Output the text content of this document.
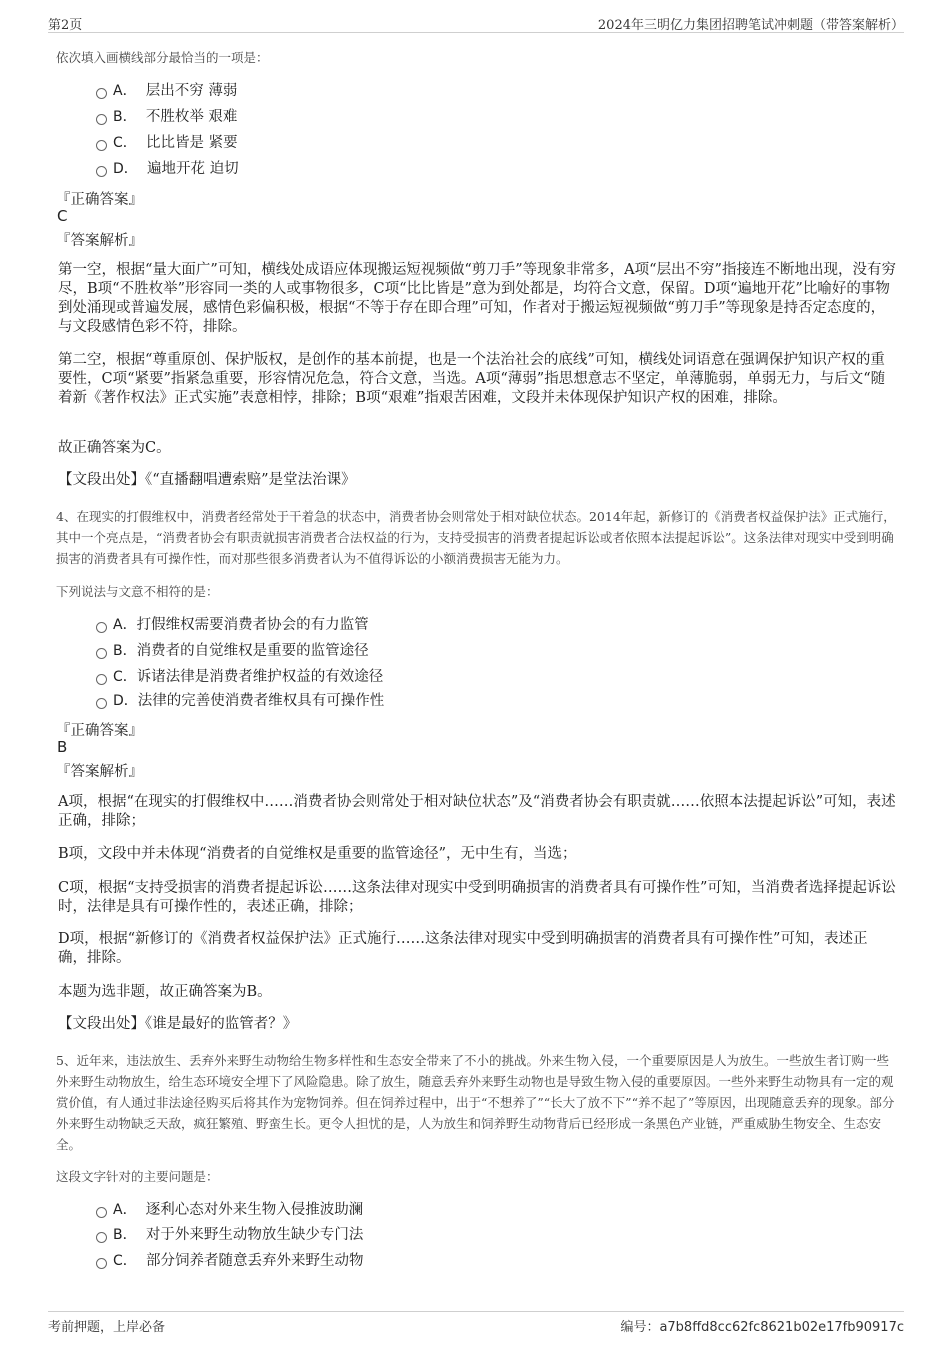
第2页	2024年三明亿力集团招聘笔试冲刺题（带答案解析）
依次填入画横线部分最恰当的一项是：
A． 层出不穷 薄弱
B． 不胜枚举 艰难
C． 比比皆是 紧要
D． 遍地开花 迫切
『正确答案』
C
『答案解析』
第一空，根据“量大面广”可知，横线处成语应体现搬运短视频做“剪刀手”等现象非常多，A项“层出不穷”指接连不断地出现，没有穷尽，B项“不胜枚举”形容同一类的人或事物很多，C项“比比皆是”意为到处都是，均符合文意，保留。D项“遍地开花”比喻好的事物到处涌现或普遍发展，感情色彩偏积极，根据“不等于存在即合理”可知，作者对于搬运短视频做“剪刀手”等现象是持否定态度的，与文段感情色彩不符，排除。
第二空，根据“尊重原创、保护版权，是创作的基本前提，也是一个法治社会的底线”可知，横线处词语意在强调保护知识产权的重要性，C项“紧要”指紧急重要，形容情况危急，符合文意，当选。A项“薄弱”指思想意志不坚定，单薄脆弱，单弱无力，与后文“随着新《著作权法》正式实施”表意相悖，排除；B项“艰难”指艰苦困难，文段并未体现保护知识产权的困难，排除。
故正确答案为C。
【文段出处】《“直播翻唱遭索赔”是堂法治课》
4、在现实的打假维权中，消费者经常处于干着急的状态中，消费者协会则常处于相对缺位状态。2014年起，新修订的《消费者权益保护法》正式施行，其中一个亮点是，“消费者协会有职责就损害消费者合法权益的行为，支持受损害的消费者提起诉讼或者依照本法提起诉讼”。这条法律对现实中受到明确损害的消费者具有可操作性，而对那些很多消费者认为不值得诉讼的小额消费损害无能为力。
下列说法与文意不相符的是：
A．打假维权需要消费者协会的有力监管
B．消费者的自觉维权是重要的监管途径
C．诉诸法律是消费者维护权益的有效途径
D．法律的完善使消费者维权具有可操作性
『正确答案』
B
『答案解析』
A项，根据“在现实的打假维权中……消费者协会则常处于相对缺位状态”及“消费者协会有职责就……依照本法提起诉讼”可知，表述正确，排除；
B项，文段中并未体现“消费者的自觉维权是重要的监管途径”，无中生有，当选；
C项，根据“支持受损害的消费者提起诉讼……这条法律对现实中受到明确损害的消费者具有可操作性”可知，当消费者选择提起诉讼时，法律是具有可操作性的，表述正确，排除；
D项，根据“新修订的《消费者权益保护法》正式施行……这条法律对现实中受到明确损害的消费者具有可操作性”可知，表述正确，排除。
本题为选非题，故正确答案为B。
【文段出处】《谁是最好的监管者？》
5、近年来，违法放生、丢弃外来野生动物给生物多样性和生态安全带来了不小的挑战。外来生物入侵，一个重要原因是人为放生。一些放生者订购一些外来野生动物放生，给生态环境安全埋下了风险隐患。除了放生，随意丢弃外来野生动物也是导致生物入侵的重要原因。一些外来野生动物具有一定的观赏价值，有人通过非法途径购买后将其作为宠物饲养。但在饲养过程中，出于“不想养了”“长大了放不下”“养不起了”等原因，出现随意丢弃的现象。部分外来野生动物缺乏天敌，疯狂繁殖、野蛮生长。更令人担忧的是，人为放生和饲养野生动物背后已经形成一条黑色产业链，严重威胁生物安全、生态安全。
这段文字针对的主要问题是：
A． 逐利心态对外来生物入侵推波助澜
B． 对于外来野生动物放生缺少专门法
C． 部分饲养者随意丢弃外来野生动物
考前押题，上岸必备	编号：a7b8ffd8cc62fc8621b02e17fb90917c
